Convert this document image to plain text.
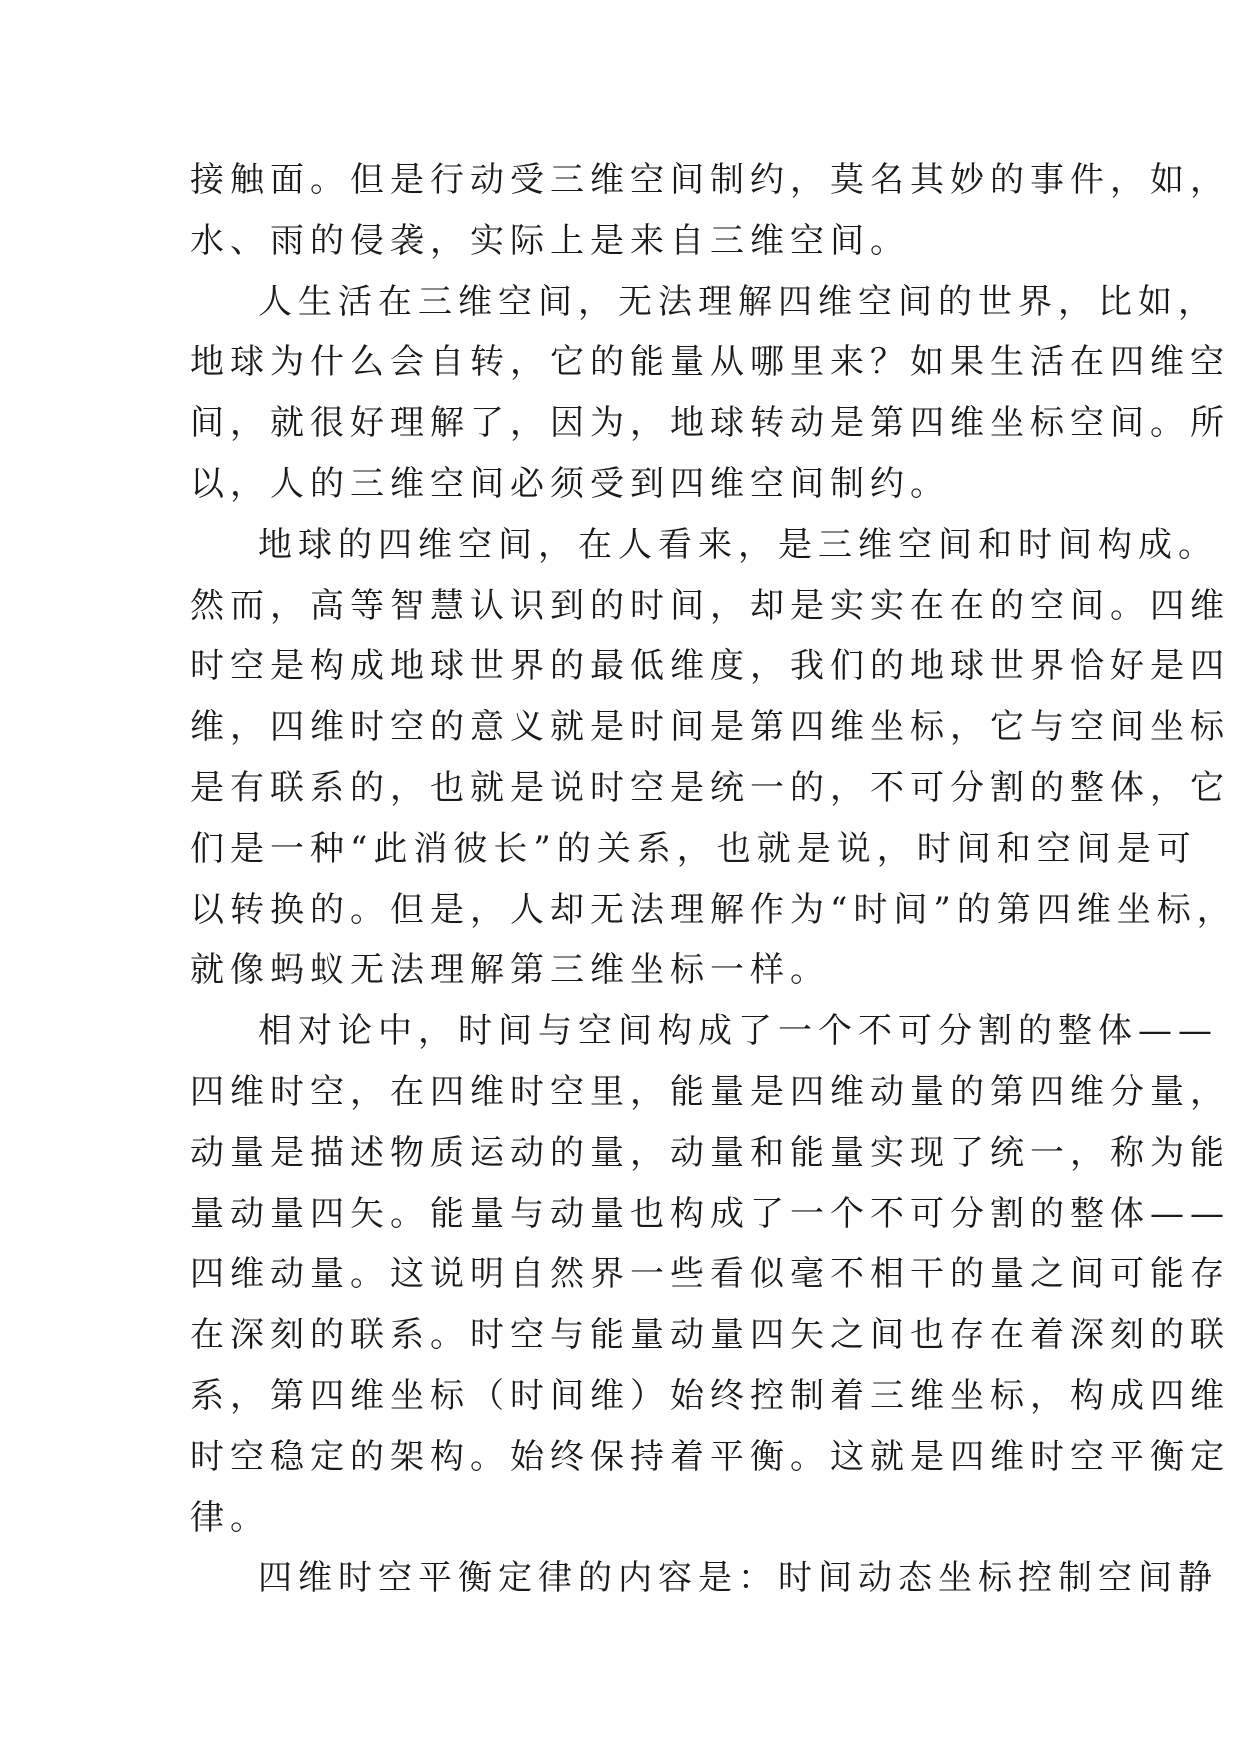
接触面。但是行动受三维空间制约，莫名其妙的事件，如，
水、雨的侵袭，实际上是来自三维空间。

人生活在三维空间，无法理解四维空间的世界，比如，
地球为什么会自转，它的能量从哪里来？如果生活在四维空
间，就很好理解了，因为，地球转动是第四维坐标空间。所
以，人的三维空间必须受到四维空间制约。

地球的四维空间，在人看来，是三维空间和时间构成。
然而，高等智慧认识到的时间，却是实实在在的空间。四维
时空是构成地球世界的最低维度，我们的地球世界恰好是四
维，四维时空的意义就是时间是第四维坐标，它与空间坐标
是有联系的，也就是说时空是统一的，不可分割的整体，它
们是一种“此消彼长”的关系，也就是说，时间和空间是可
以转换的。但是，人却无法理解作为“时间”的第四维坐标，
就像蚂蚁无法理解第三维坐标一样。

相对论中，时间与空间构成了一个不可分割的整体——
四维时空，在四维时空里，能量是四维动量的第四维分量，
动量是描述物质运动的量，动量和能量实现了统一，称为能
量动量四矢。能量与动量也构成了一个不可分割的整体——
四维动量。这说明自然界一些看似毫不相干的量之间可能存
在深刻的联系。时空与能量动量四矢之间也存在着深刻的联
系，第四维坐标（时间维）始终控制着三维坐标，构成四维
时空稳定的架构。始终保持着平衡。这就是四维时空平衡定
律。

四维时空平衡定律的内容是：时间动态坐标控制空间静
